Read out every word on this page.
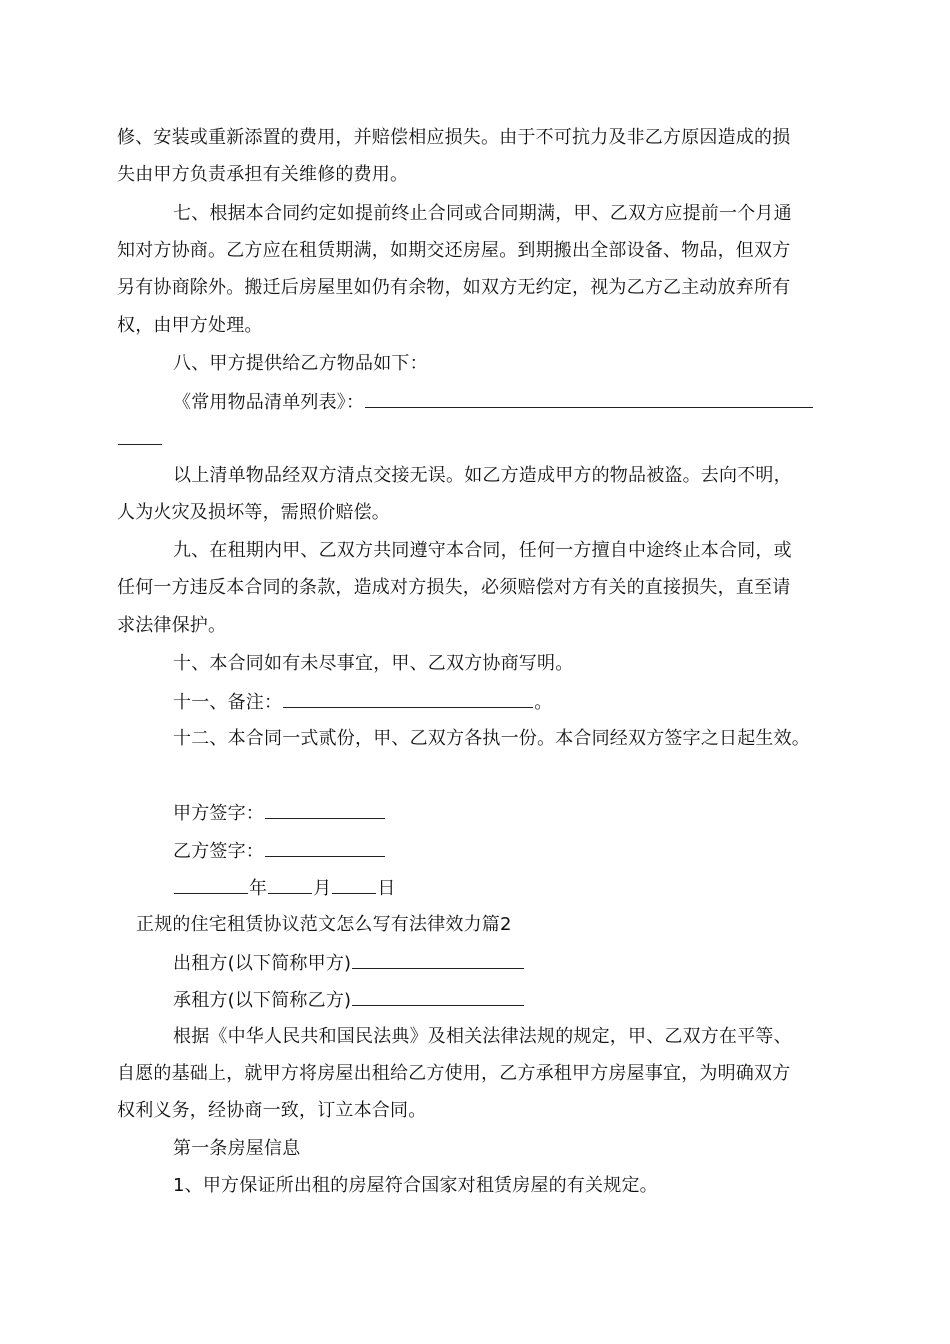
修、安装或重新添置的费用，并赔偿相应损失。由于不可抗力及非乙方原因造成的损
失由甲方负责承担有关维修的费用。
七、根据本合同约定如提前终止合同或合同期满，甲、乙双方应提前一个月通
知对方协商。乙方应在租赁期满，如期交还房屋。到期搬出全部设备、物品，但双方
另有协商除外。搬迁后房屋里如仍有余物，如双方无约定，视为乙方乙主动放弃所有
权，由甲方处理。
八、甲方提供给乙方物品如下：
《常用物品清单列表》：
以上清单物品经双方清点交接无误。如乙方造成甲方的物品被盗。去向不明，
人为火灾及损坏等，需照价赔偿。
九、在租期内甲、乙双方共同遵守本合同，任何一方擅自中途终止本合同，或
任何一方违反本合同的条款，造成对方损失，必须赔偿对方有关的直接损失，直至请
求法律保护。
十、本合同如有未尽事宜，甲、乙双方协商写明。
十一、备注：	。
十二、本合同一式贰份，甲、乙双方各执一份。本合同经双方签字之日起生效。
甲方签字：
乙方签字：
年	月	日
正规的住宅租赁协议范文怎么写有法律效力篇2
出租方(以下简称甲方)
承租方(以下简称乙方)
根据《中华人民共和国民法典》及相关法律法规的规定，甲、乙双方在平等、
自愿的基础上，就甲方将房屋出租给乙方使用，乙方承租甲方房屋事宜，为明确双方
权利义务，经协商一致，订立本合同。
第一条房屋信息
1、甲方保证所出租的房屋符合国家对租赁房屋的有关规定。
